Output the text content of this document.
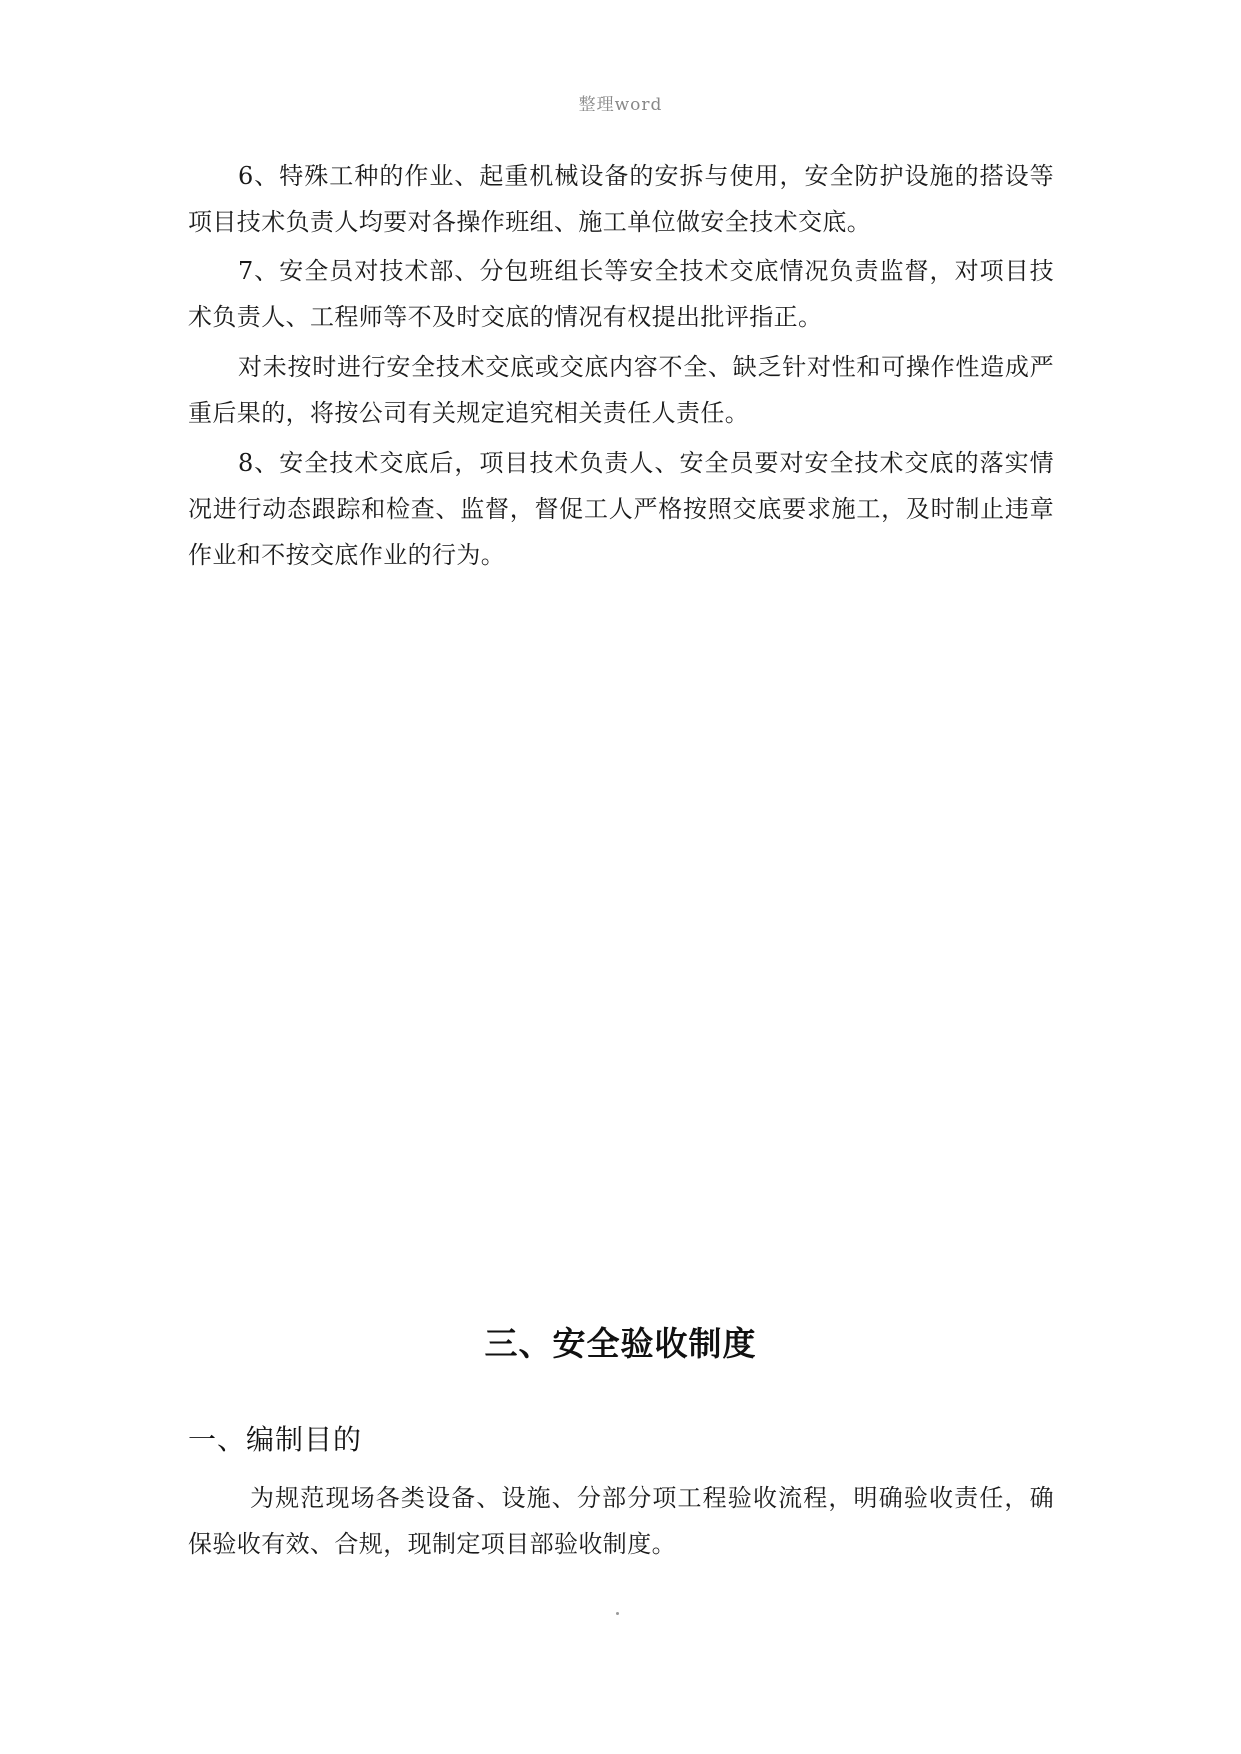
整理word

6、特殊工种的作业、起重机械设备的安拆与使用，安全防护设施的搭设等项目技术负责人均要对各操作班组、施工单位做安全技术交底。

7、安全员对技术部、分包班组长等安全技术交底情况负责监督，对项目技术负责人、工程师等不及时交底的情况有权提出批评指正。

对未按时进行安全技术交底或交底内容不全、缺乏针对性和可操作性造成严重后果的，将按公司有关规定追究相关责任人责任。

8、安全技术交底后，项目技术负责人、安全员要对安全技术交底的落实情况进行动态跟踪和检查、监督，督促工人严格按照交底要求施工，及时制止违章作业和不按交底作业的行为。

三、安全验收制度
一、编制目的

为规范现场各类设备、设施、分部分项工程验收流程，明确验收责任，确保验收有效、合规，现制定项目部验收制度。
